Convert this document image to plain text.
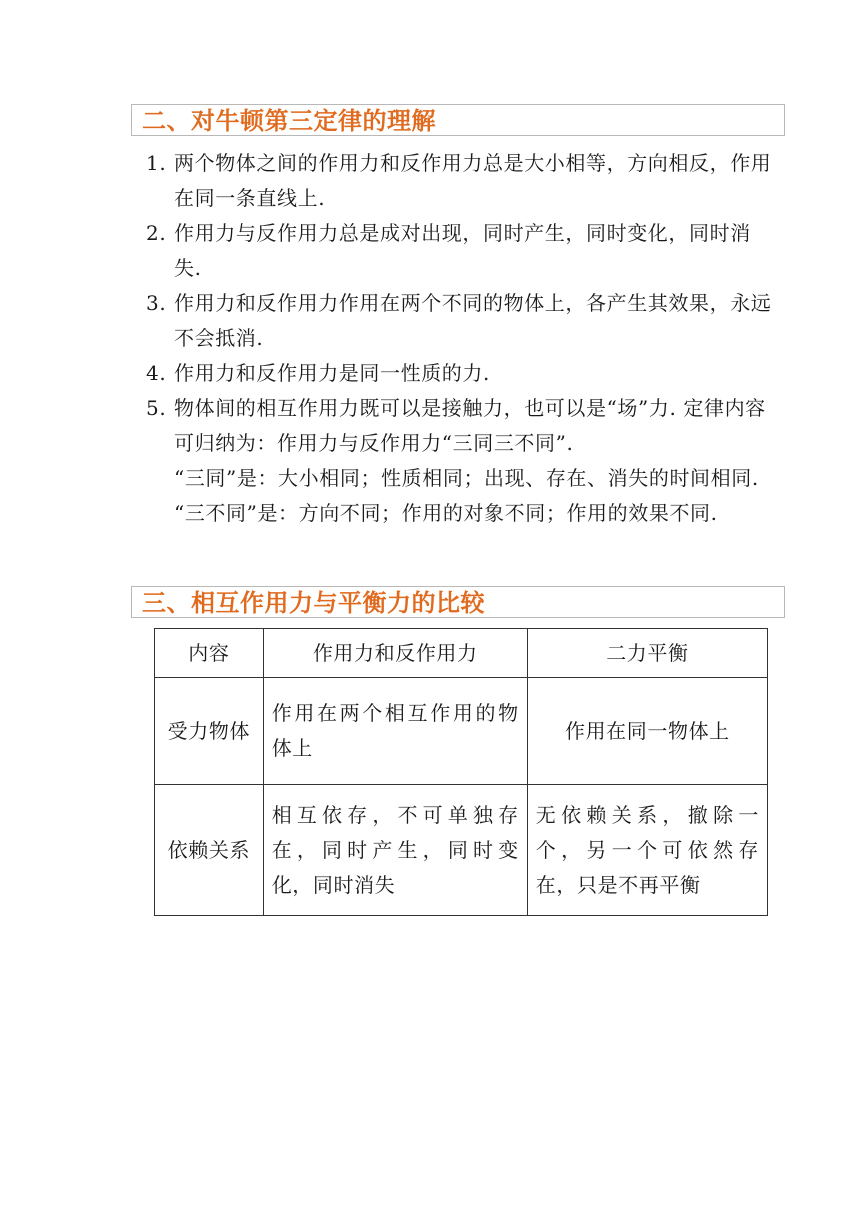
二、对牛顿第三定律的理解
1. 两个物体之间的作用力和反作用力总是大小相等，方向相反，作用在同一条直线上.
2. 作用力与反作用力总是成对出现，同时产生，同时变化，同时消失.
3. 作用力和反作用力作用在两个不同的物体上，各产生其效果，永远不会抵消.
4. 作用力和反作用力是同一性质的力.
5. 物体间的相互作用力既可以是接触力，也可以是“场”力. 定律内容可归纳为：作用力与反作用力“三同三不同”.
“三同”是：大小相同；性质相同；出现、存在、消失的时间相同.
“三不同”是：方向不同；作用的对象不同；作用的效果不同.
三、相互作用力与平衡力的比较
内容	作用力和反作用力	二力平衡
受力物体	作用在两个相互作用的物体上	作用在同一物体上
依赖关系	相互依存，不可单独存在，同时产生，同时变化，同时消失	无依赖关系，撤除一个，另一个可依然存在，只是不再平衡
